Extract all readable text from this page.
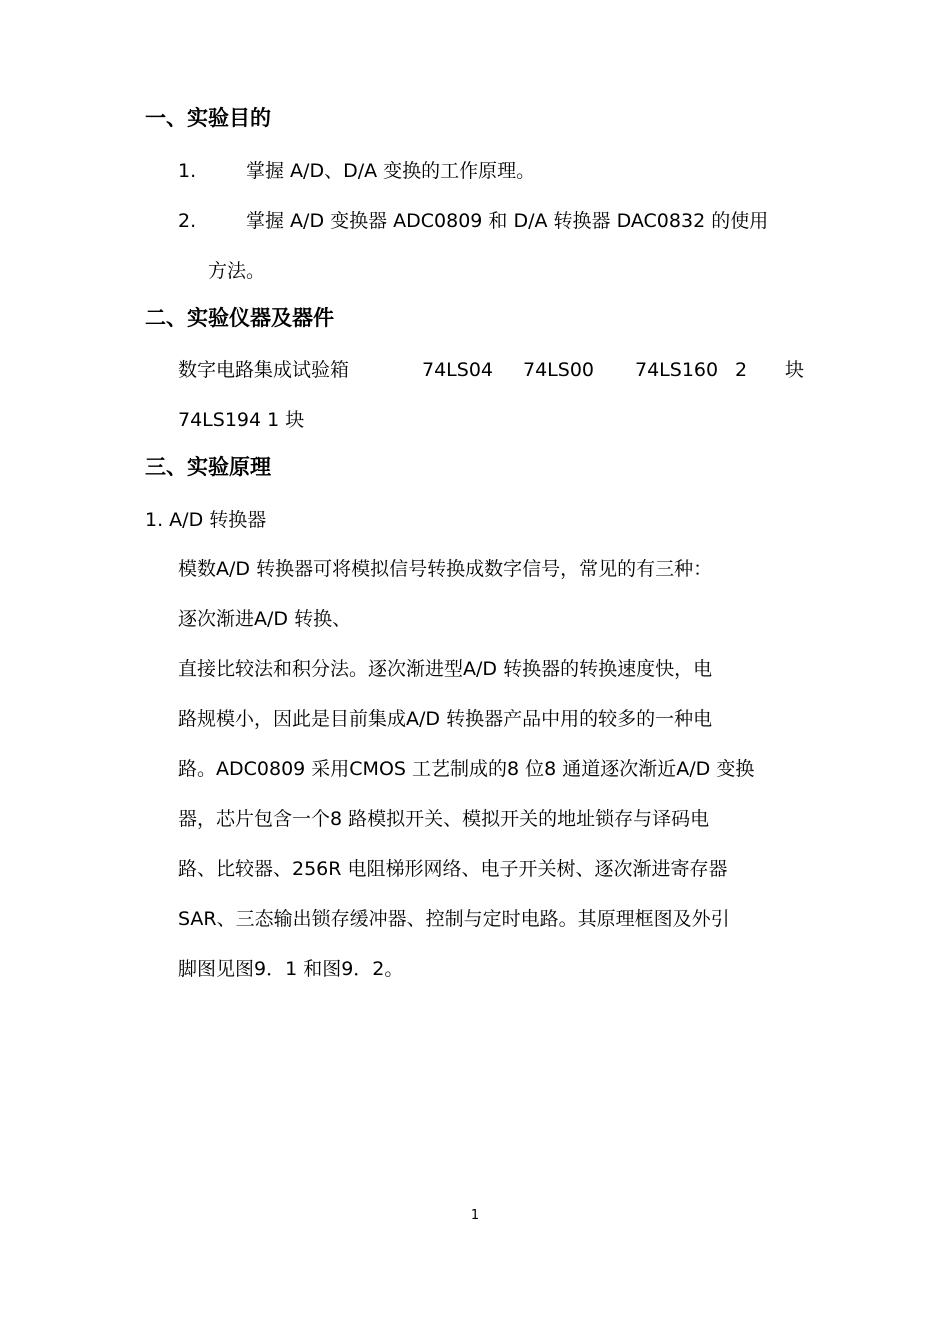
一、实验目的
1.	掌握 A/D、D/A 变换的工作原理。
2.	掌握 A/D 变换器 ADC0809 和 D/A 转换器 DAC0832 的使用
方法。
二、实验仪器及器件
数字电路集成试验箱	74LS04 74LS00 74LS160 2 块
74LS194 1 块
三、实验原理
1. A/D 转换器
模数A/D 转换器可将模拟信号转换成数字信号，常见的有三种：
逐次渐进A/D 转换、
直接比较法和积分法。逐次渐进型A/D 转换器的转换速度快，电
路规模小，因此是目前集成A/D 转换器产品中用的较多的一种电
路。ADC0809 采用CMOS 工艺制成的8 位8 通道逐次渐近A/D 变换
器，芯片包含一个8 路模拟开关、模拟开关的地址锁存与译码电
路、比较器、256R 电阻梯形网络、电子开关树、逐次渐进寄存器
SAR、三态输出锁存缓冲器、控制与定时电路。其原理框图及外引
脚图见图9．1 和图9．2。
1
